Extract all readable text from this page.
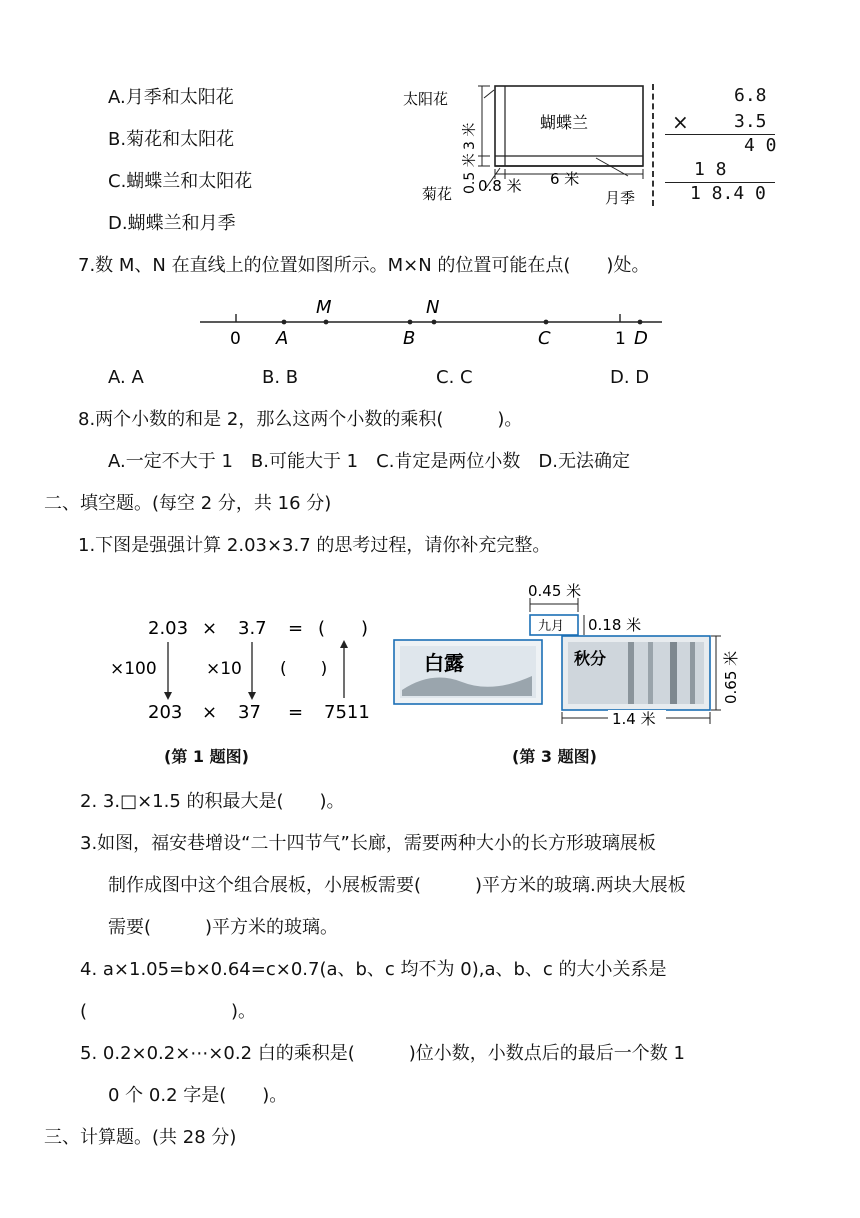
A.月季和太阳花
B.菊花和太阳花
C.蝴蝶兰和太阳花
D.蝴蝶兰和月季
太阳花
蝴蝶兰
菊花	月季
0.8 米 6 米
3 米
0.5 米
6.8
×	3.5
4 0
1 8
1 8.4 0
7.数 M、N 在直线上的位置如图所示。M×N 的位置可能在点(　　)处。
0	1
A
M
B
N
C	D
A. A	B. B	C. C	D. D
8.两个小数的和是 2，那么这两个小数的乘积(　　　)。
A.一定不大于 1　B.可能大于 1　C.肯定是两位小数　D.无法确定
二、填空题。(每空 2 分，共 16 分)
1.下图是强强计算 2.03×3.7 的思考过程，请你补充完整。
2.03 × 3.7 = (　　)
×100	×10 (　　)
203 × 37 = 7511
(第 1 题图)
0.45 米
九月 0.18 米
白露	秋分	0.65 米
1.4 米
(第 3 题图)
2. 3.□×1.5 的积最大是(　　)。
3.如图，福安巷增设“二十四节气”长廊，需要两种大小的长方形玻璃展板
制作成图中这个组合展板，小展板需要(　　　)平方米的玻璃.两块大展板
需要(　　　)平方米的玻璃。
4. a×1.05=b×0.64=c×0.7(a、b、c 均不为 0),a、b、c 的大小关系是
(　　　　　　　　)。
5. 0.2×0.2×⋯×0.2 白的乘积是(　　　)位小数，小数点后的最后一个数 1
0 个 0.2 字是(　　)。
三、计算题。(共 28 分)
